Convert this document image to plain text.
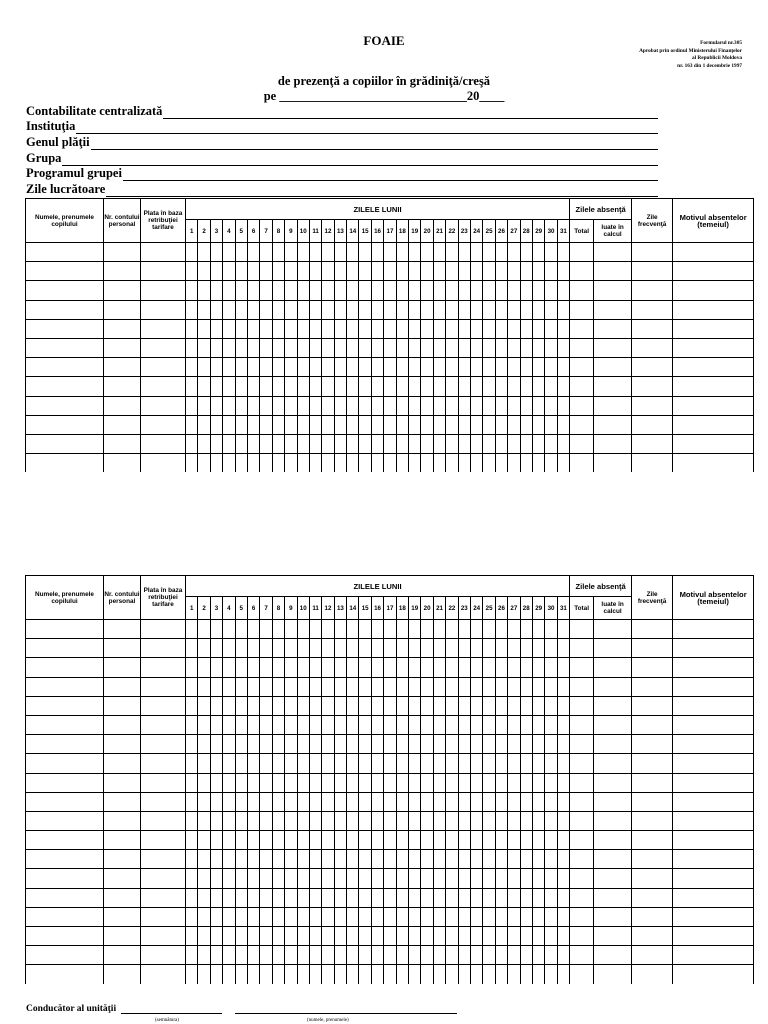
FOAIE	Formularul nr.305
Aprobat prin ordinul Ministerului Finanţelor
al Republicii Moldova
nr. 163 din 1 decembrie 1997
de prezenţă a copiilor în grădiniţă/creşă
pe ______________________________20____
Contabilitate centralizată
Instituţia
Genul plăţii
Grupa
Programul grupei
Zile lucrătoare
Numele, prenumele copilului	Nr. contului personal	Plata în baza retribuţiei tarifare	ZILELE LUNII																															Zilele absenţă		Zile frecvenţă	Motivul absentelor (temeiul)
			1	2	3	4	5	6	7	8	9	10	11	12	13	14	15	16	17	18	19	20	21	22	23	24	25	26	27	28	29	30	31	Total	luate în calcul		

Numele, prenumele copilului	Nr. contului personal	Plata în baza retribuţiei tarifare	ZILELE LUNII																															Zilele absenţă		Zile frecvenţă	Motivul absentelor (temeiul)
			1	2	3	4	5	6	7	8	9	10	11	12	13	14	15	16	17	18	19	20	21	22	23	24	25	26	27	28	29	30	31	Total	luate în calcul		

Conducător al unităţii
(semnătura)	(numele, prenumele)
